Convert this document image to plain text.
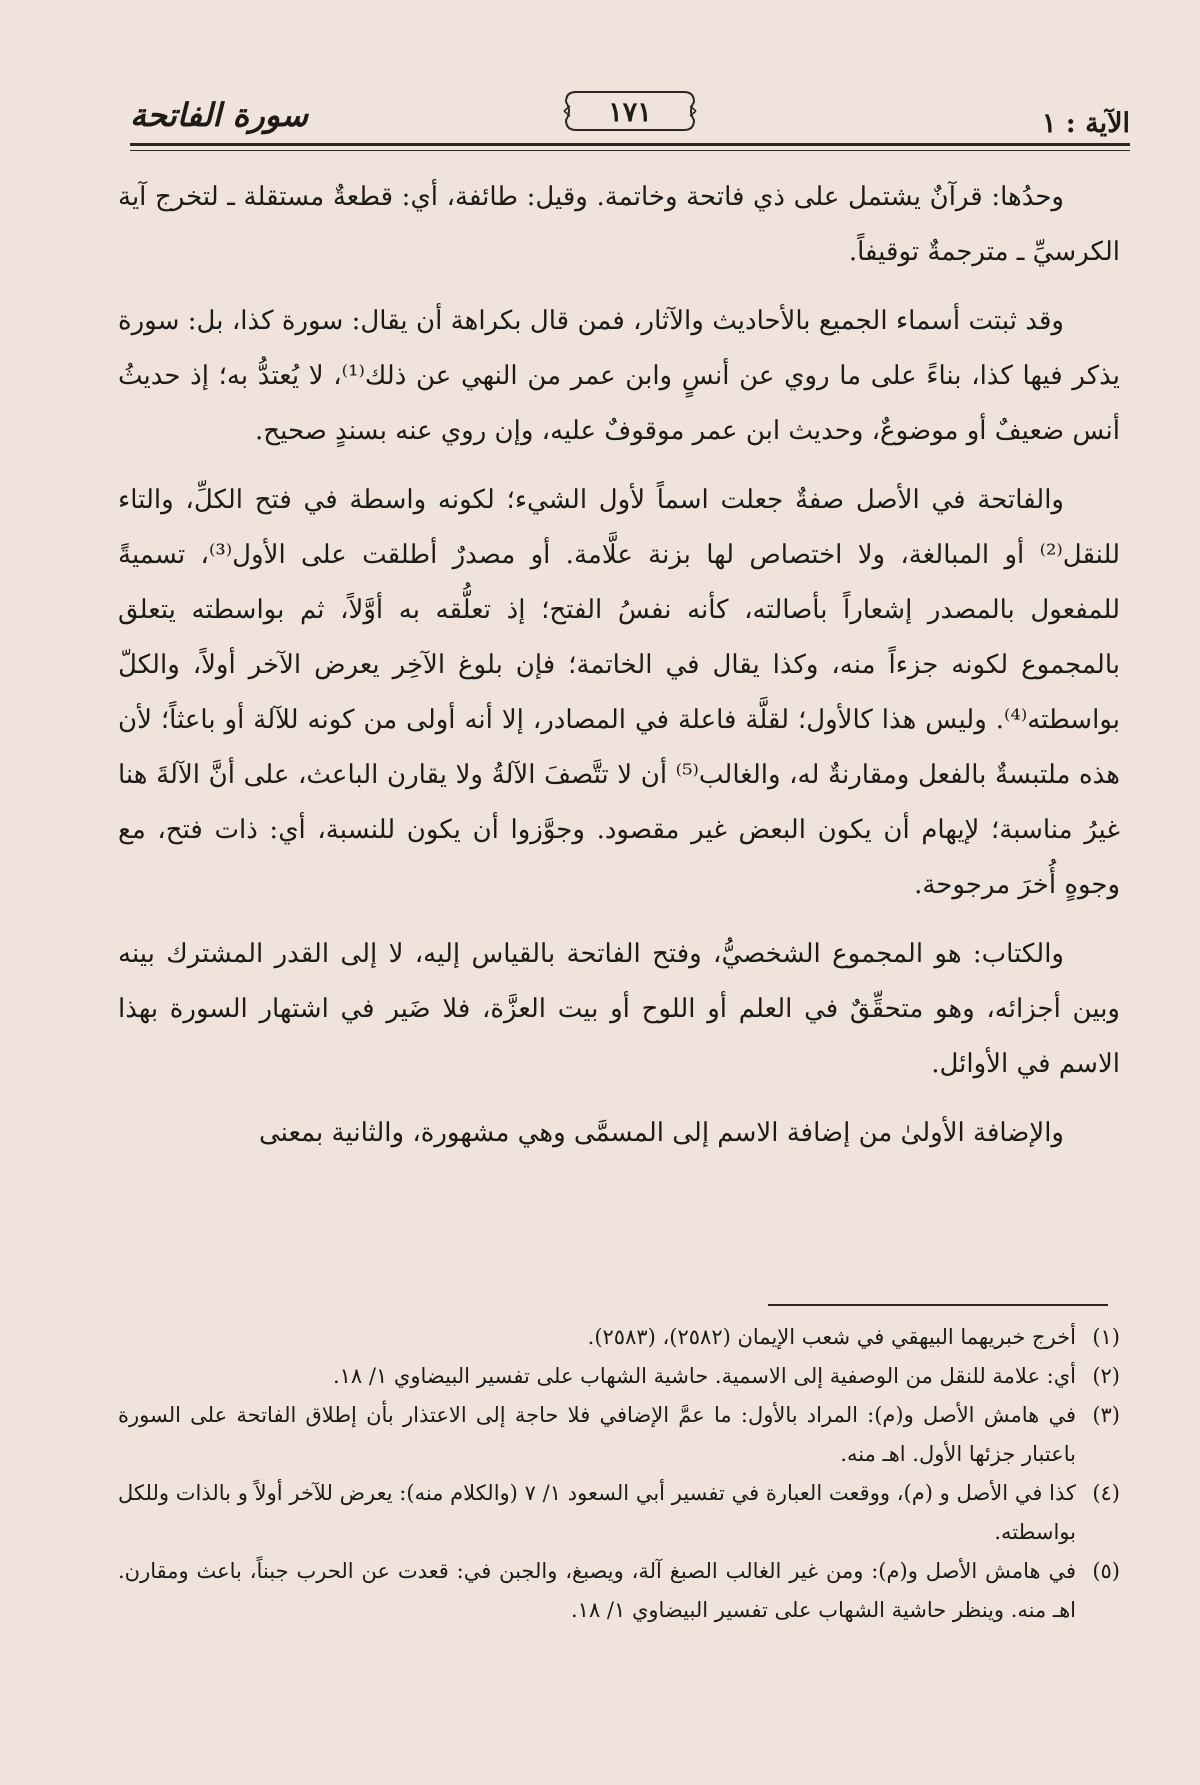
الآية : ١
١٧١
سورة الفاتحة

وحدُها: قرآنٌ يشتمل على ذي فاتحة وخاتمة. وقيل: طائفة، أي: قطعةٌ مستقلة ـ لتخرج آية الكرسيِّ ـ مترجمةٌ توقيفاً.

وقد ثبتت أسماء الجميع بالأحاديث والآثار، فمن قال بكراهة أن يقال: سورة كذا، بل: سورة يذكر فيها كذا، بناءً على ما روي عن أنسٍ وابن عمر من النهي عن ذلك⁽¹⁾، لا يُعتدُّ به؛ إذ حديثُ أنس ضعيفٌ أو موضوعٌ، وحديث ابن عمر موقوفٌ عليه، وإن روي عنه بسندٍ صحيح.

والفاتحة في الأصل صفةٌ جعلت اسماً لأول الشيء؛ لكونه واسطة في فتح الكلِّ، والتاء للنقل⁽²⁾ أو المبالغة، ولا اختصاص لها بزنة علَّامة. أو مصدرٌ أطلقت على الأول⁽³⁾، تسميةً للمفعول بالمصدر إشعاراً بأصالته، كأنه نفسُ الفتح؛ إذ تعلُّقه به أوَّلاً، ثم بواسطته يتعلق بالمجموع لكونه جزءاً منه، وكذا يقال في الخاتمة؛ فإن بلوغ الآخِر يعرض الآخر أولاً، والكلّ بواسطته⁽⁴⁾. وليس هذا كالأول؛ لقلَّة فاعلة في المصادر، إلا أنه أولى من كونه للآلة أو باعثاً؛ لأن هذه ملتبسةٌ بالفعل ومقارنةٌ له، والغالب⁽⁵⁾ أن لا تتَّصفَ الآلةُ ولا يقارن الباعث، على أنَّ الآلةَ هنا غيرُ مناسبة؛ لإيهام أن يكون البعض غير مقصود. وجوَّزوا أن يكون للنسبة، أي: ذات فتح، مع وجوهٍ أُخرَ مرجوحة.

والكتاب: هو المجموع الشخصيُّ، وفتح الفاتحة بالقياس إليه، لا إلى القدر المشترك بينه وبين أجزائه، وهو متحقِّقٌ في العلم أو اللوح أو بيت العزَّة، فلا ضَير في اشتهار السورة بهذا الاسم في الأوائل.

والإضافة الأولىٰ من إضافة الاسم إلى المسمَّى وهي مشهورة، والثانية بمعنى

(١)
أخرج خبريهما البيهقي في شعب الإيمان (٢٥٨٢)، (٢٥٨٣).
(٢)
أي: علامة للنقل من الوصفية إلى الاسمية. حاشية الشهاب على تفسير البيضاوي ١/ ١٨.
(٣)
في هامش الأصل و(م): المراد بالأول: ما عمَّ الإضافي فلا حاجة إلى الاعتذار بأن إطلاق الفاتحة على السورة باعتبار جزئها الأول. اهـ منه.
(٤)
كذا في الأصل و (م)، ووقعت العبارة في تفسير أبي السعود ١/ ٧ (والكلام منه): يعرض للآخر أولاً و بالذات وللكل بواسطته.
(٥)
في هامش الأصل و(م): ومن غير الغالب الصبغ آلة، ويصبغ، والجبن في: قعدت عن الحرب جبناً، باعث ومقارن. اهـ منه. وينظر حاشية الشهاب على تفسير البيضاوي ١/ ١٨.
